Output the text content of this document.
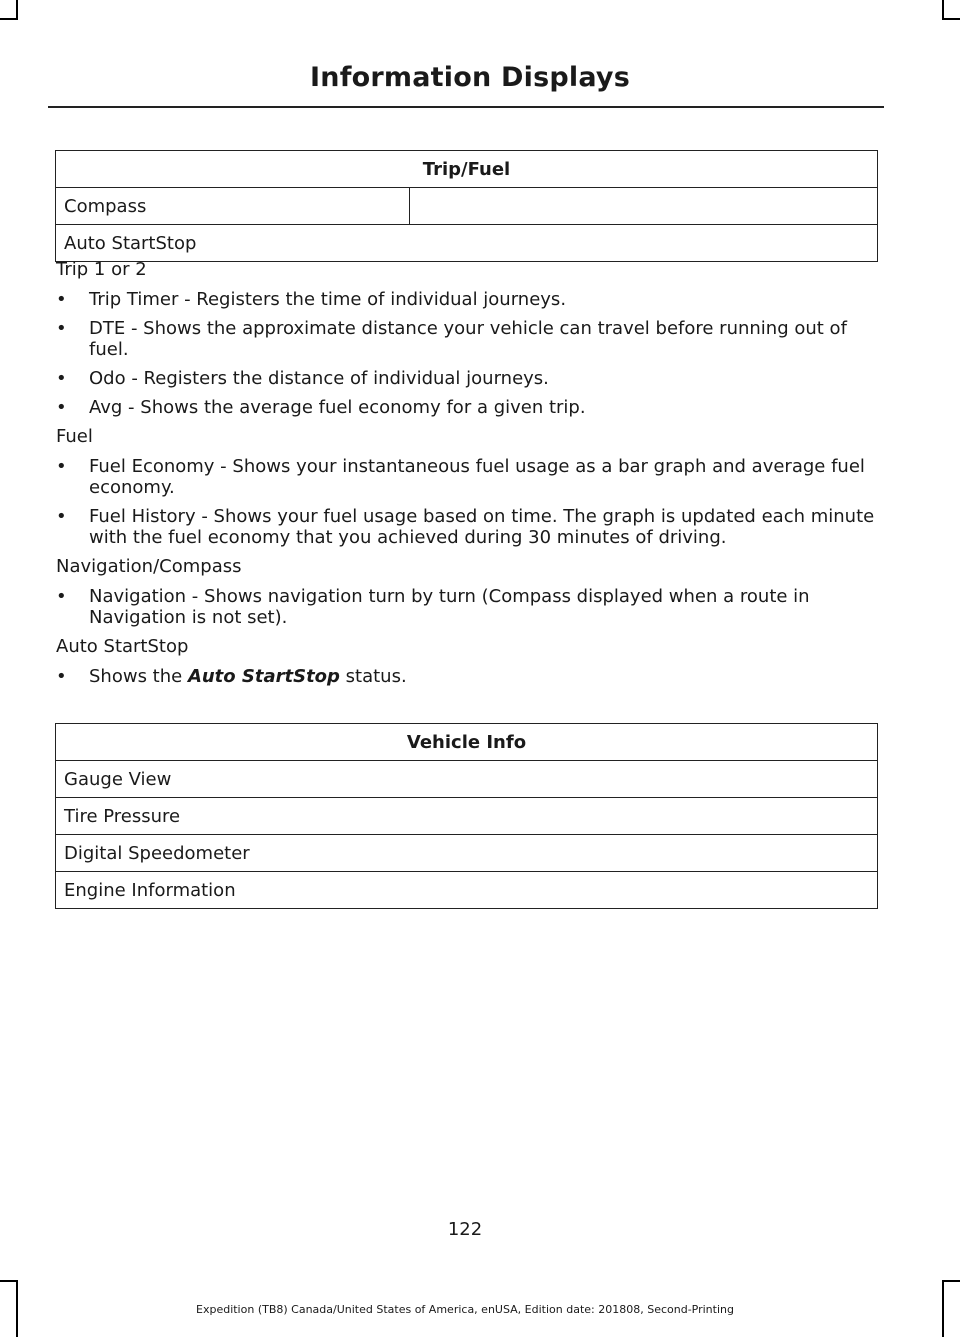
Information Displays
Trip/Fuel
Compass	
Auto StartStop

Trip 1 or 2

• Trip Timer - Registers the time of individual journeys.
• DTE - Shows the approximate distance your vehicle can travel before running out of fuel.
• Odo - Registers the distance of individual journeys.
• Avg - Shows the average fuel economy for a given trip.

Fuel

• Fuel Economy - Shows your instantaneous fuel usage as a bar graph and average fuel economy.
• Fuel History - Shows your fuel usage based on time. The graph is updated each minute with the fuel economy that you achieved during 30 minutes of driving.

Navigation/Compass

• Navigation - Shows navigation turn by turn (Compass displayed when a route in Navigation is not set).

Auto StartStop

• Shows the Auto StartStop status.
Vehicle Info
Gauge View
Tire Pressure
Digital Speedometer
Engine Information
122
Expedition (TB8) Canada/United States of America, enUSA, Edition date: 201808, Second-Printing
